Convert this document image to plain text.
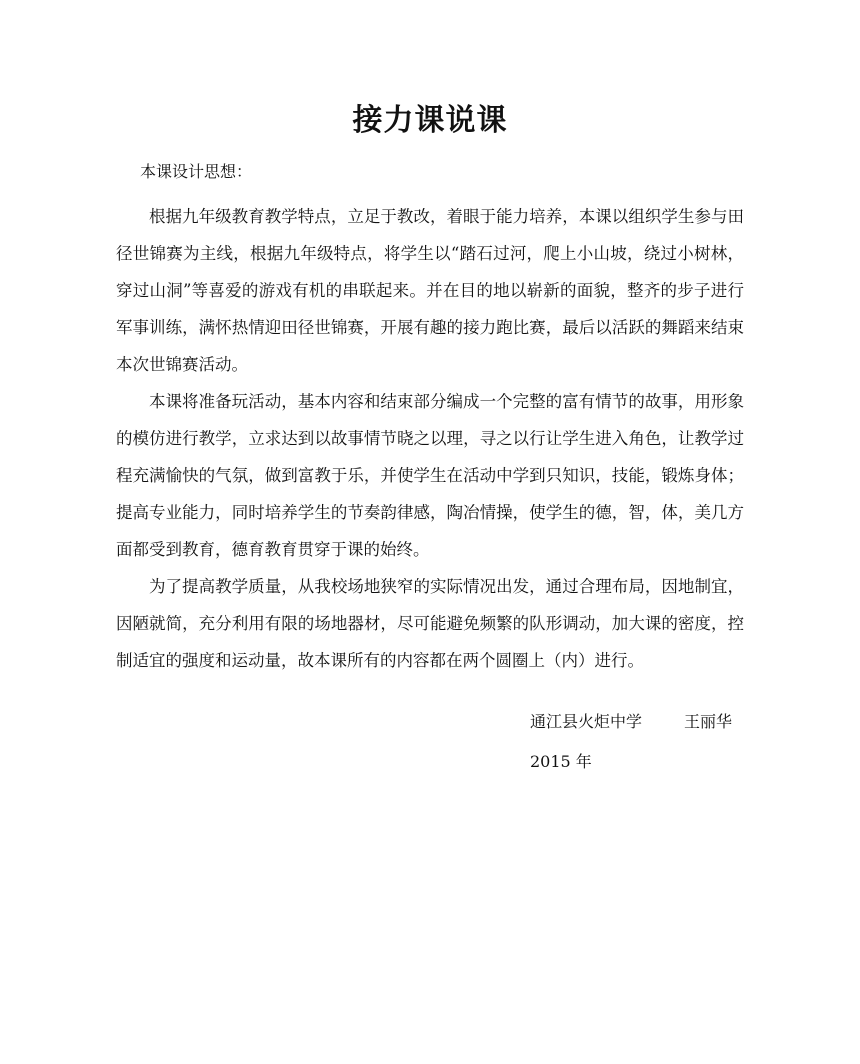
接力课说课
本课设计思想：

根据九年级教育教学特点，立足于教改，着眼于能力培养，本课以组织学生参与田径世锦赛为主线，根据九年级特点，将学生以“踏石过河，爬上小山坡，绕过小树林，穿过山洞”等喜爱的游戏有机的串联起来。并在目的地以崭新的面貌，整齐的步子进行军事训练，满怀热情迎田径世锦赛，开展有趣的接力跑比赛，最后以活跃的舞蹈来结束本次世锦赛活动。

本课将准备玩活动，基本内容和结束部分编成一个完整的富有情节的故事，用形象的模仿进行教学，立求达到以故事情节晓之以理，寻之以行让学生进入角色，让教学过程充满愉快的气氛，做到富教于乐，并使学生在活动中学到只知识，技能，锻炼身体；提高专业能力，同时培养学生的节奏韵律感，陶冶情操，使学生的德，智，体，美几方面都受到教育，德育教育贯穿于课的始终。

为了提高教学质量，从我校场地狭窄的实际情况出发，通过合理布局，因地制宜，因陋就简，充分利用有限的场地器材，尽可能避免频繁的队形调动，加大课的密度，控制适宜的强度和运动量，故本课所有的内容都在两个圆圈上（内）进行。

通江县火炬中学	王丽华
2015 年
